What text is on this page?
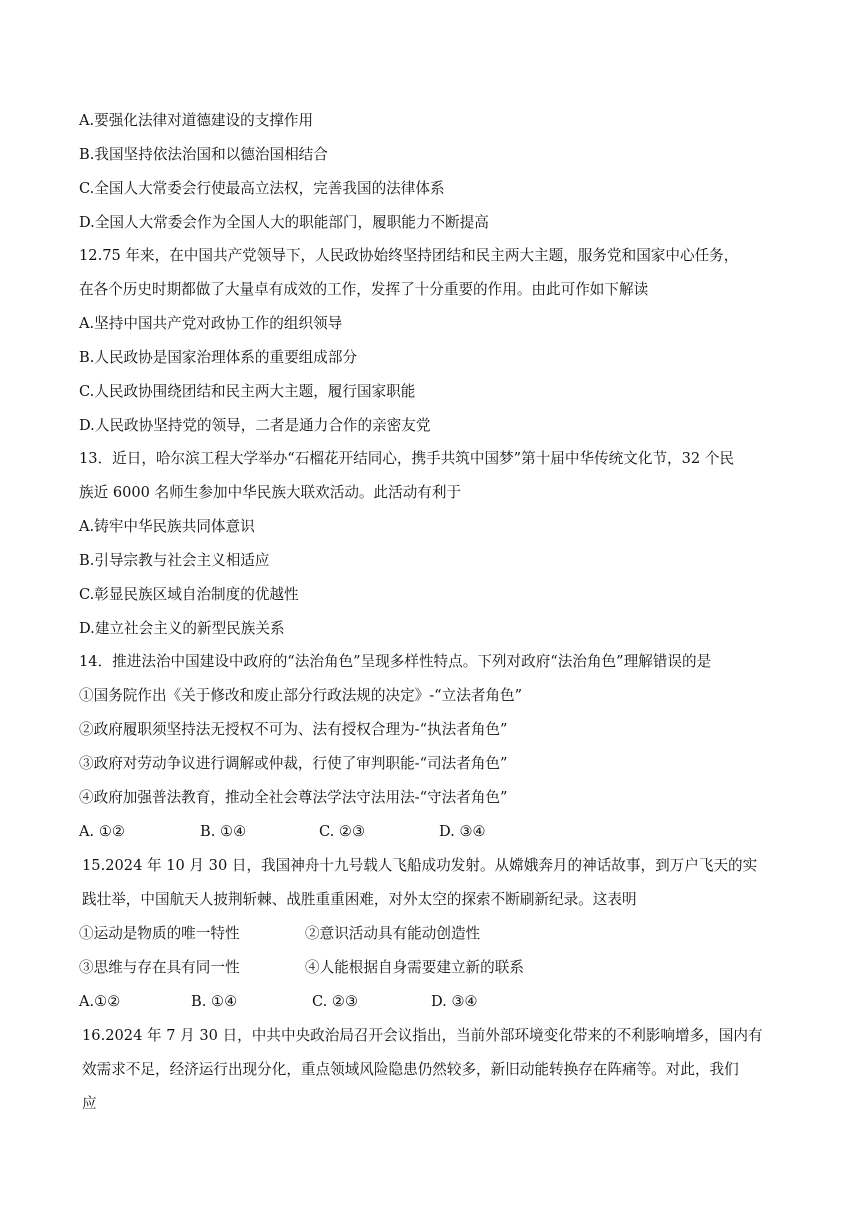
A.要强化法律对道德建设的支撑作用
B.我国坚持依法治国和以德治国相结合
C.全国人大常委会行使最高立法权，完善我国的法律体系
D.全国人大常委会作为全国人大的职能部门，履职能力不断提高
12.75 年来，在中国共产党领导下，人民政协始终坚持团结和民主两大主题，服务党和国家中心任务，
在各个历史时期都做了大量卓有成效的工作，发挥了十分重要的作用。由此可作如下解读
A.坚持中国共产党对政协工作的组织领导
B.人民政协是国家治理体系的重要组成部分
C.人民政协围绕团结和民主两大主题，履行国家职能
D.人民政协坚持党的领导，二者是通力合作的亲密友党
13．近日，哈尔滨工程大学举办“石榴花开结同心，携手共筑中国梦”第十届中华传统文化节，32 个民
族近 6000 名师生参加中华民族大联欢活动。此活动有利于
A.铸牢中华民族共同体意识
B.引导宗教与社会主义相适应
C.彰显民族区域自治制度的优越性
D.建立社会主义的新型民族关系
14．推进法治中国建设中政府的“法治角色”呈现多样性特点。下列对政府“法治角色”理解错误的是
①国务院作出《关于修改和废止部分行政法规的决定》-“立法者角色”
②政府履职须坚持法无授权不可为、法有授权合理为-“执法者角色”
③政府对劳动争议进行调解或仲裁，行使了审判职能-“司法者角色”
④政府加强普法教育，推动全社会尊法学法守法用法-“守法者角色”
A. ①②	B. ①④	C. ②③	D. ③④
15.2024 年 10 月 30 日，我国神舟十九号载人飞船成功发射。从嫦娥奔月的神话故事，到万户飞天的实
践壮举，中国航天人披荆斩棘、战胜重重困难，对外太空的探索不断刷新纪录。这表明
①运动是物质的唯一特性	②意识活动具有能动创造性
③思维与存在具有同一性	④人能根据自身需要建立新的联系
A.①②	B. ①④	C. ②③	D. ③④
16.2024 年 7 月 30 日，中共中央政治局召开会议指出，当前外部环境变化带来的不利影响增多，国内有
效需求不足，经济运行出现分化，重点领域风险隐患仍然较多，新旧动能转换存在阵痛等。对此，我们
应
